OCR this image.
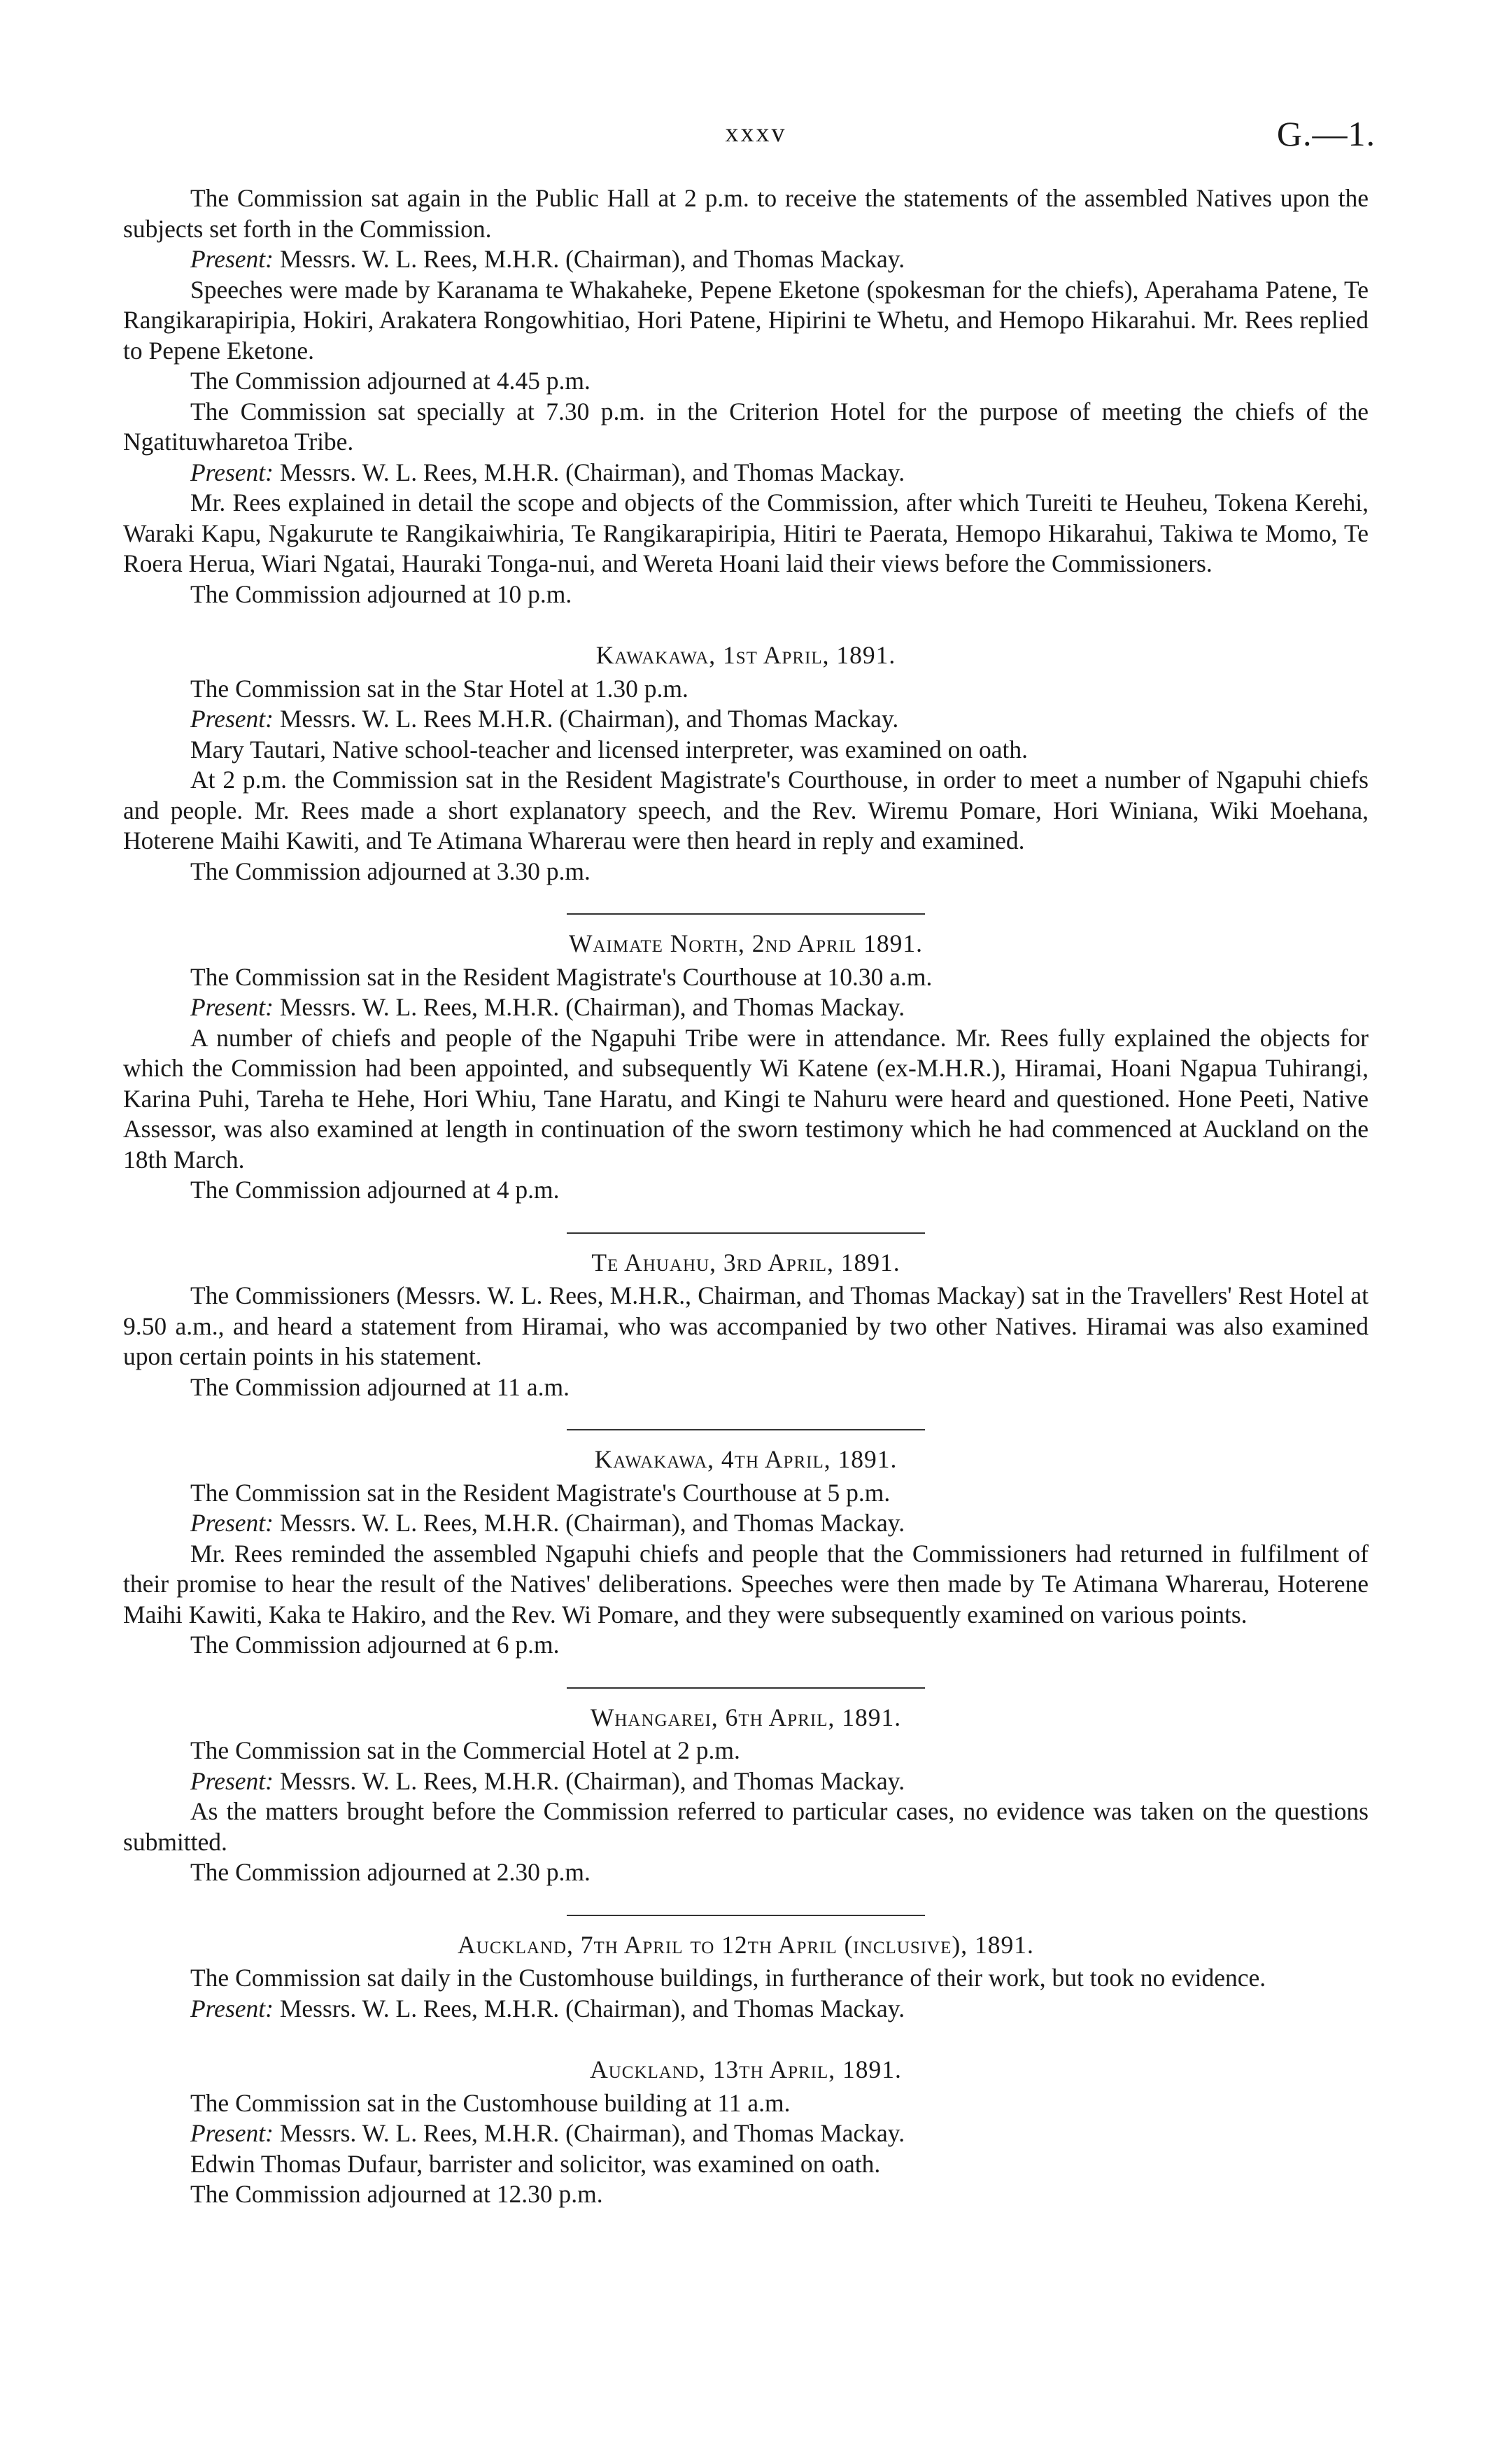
xxxv	G.—1.

The Commission sat again in the Public Hall at 2 p.m. to receive the statements of the assembled Natives upon the subjects set forth in the Commission.

Present: Messrs. W. L. Rees, M.H.R. (Chairman), and Thomas Mackay.

Speeches were made by Karanama te Whakaheke, Pepene Eketone (spokesman for the chiefs), Aperahama Patene, Te Rangikarapiripia, Hokiri, Arakatera Rongowhitiao, Hori Patene, Hipirini te Whetu, and Hemopo Hikarahui. Mr. Rees replied to Pepene Eketone.

The Commission adjourned at 4.45 p.m.

The Commission sat specially at 7.30 p.m. in the Criterion Hotel for the purpose of meeting the chiefs of the Ngatituwharetoa Tribe.

Present: Messrs. W. L. Rees, M.H.R. (Chairman), and Thomas Mackay.

Mr. Rees explained in detail the scope and objects of the Commission, after which Tureiti te Heuheu, Tokena Kerehi, Waraki Kapu, Ngakurute te Rangikaiwhiria, Te Rangikarapiripia, Hitiri te Paerata, Hemopo Hikarahui, Takiwa te Momo, Te Roera Herua, Wiari Ngatai, Hauraki Tonga-nui, and Wereta Hoani laid their views before the Commissioners.

The Commission adjourned at 10 p.m.

Kawakawa, 1st April, 1891.

The Commission sat in the Star Hotel at 1.30 p.m.

Present: Messrs. W. L. Rees M.H.R. (Chairman), and Thomas Mackay.

Mary Tautari, Native school-teacher and licensed interpreter, was examined on oath.

At 2 p.m. the Commission sat in the Resident Magistrate's Courthouse, in order to meet a number of Ngapuhi chiefs and people. Mr. Rees made a short explanatory speech, and the Rev. Wiremu Pomare, Hori Winiana, Wiki Moehana, Hoterene Maihi Kawiti, and Te Atimana Wharerau were then heard in reply and examined.

The Commission adjourned at 3.30 p.m.

Waimate North, 2nd April 1891.

The Commission sat in the Resident Magistrate's Courthouse at 10.30 a.m.

Present: Messrs. W. L. Rees, M.H.R. (Chairman), and Thomas Mackay.

A number of chiefs and people of the Ngapuhi Tribe were in attendance. Mr. Rees fully explained the objects for which the Commission had been appointed, and subsequently Wi Katene (ex-M.H.R.), Hiramai, Hoani Ngapua Tuhirangi, Karina Puhi, Tareha te Hehe, Hori Whiu, Tane Haratu, and Kingi te Nahuru were heard and questioned. Hone Peeti, Native Assessor, was also examined at length in continuation of the sworn testimony which he had commenced at Auckland on the 18th March.

The Commission adjourned at 4 p.m.

Te Ahuahu, 3rd April, 1891.

The Commissioners (Messrs. W. L. Rees, M.H.R., Chairman, and Thomas Mackay) sat in the Travellers' Rest Hotel at 9.50 a.m., and heard a statement from Hiramai, who was accompanied by two other Natives. Hiramai was also examined upon certain points in his statement.

The Commission adjourned at 11 a.m.

Kawakawa, 4th April, 1891.

The Commission sat in the Resident Magistrate's Courthouse at 5 p.m.

Present: Messrs. W. L. Rees, M.H.R. (Chairman), and Thomas Mackay.

Mr. Rees reminded the assembled Ngapuhi chiefs and people that the Commissioners had returned in fulfilment of their promise to hear the result of the Natives' deliberations. Speeches were then made by Te Atimana Wharerau, Hoterene Maihi Kawiti, Kaka te Hakiro, and the Rev. Wi Pomare, and they were subsequently examined on various points.

The Commission adjourned at 6 p.m.

Whangarei, 6th April, 1891.

The Commission sat in the Commercial Hotel at 2 p.m.

Present: Messrs. W. L. Rees, M.H.R. (Chairman), and Thomas Mackay.

As the matters brought before the Commission referred to particular cases, no evidence was taken on the questions submitted.

The Commission adjourned at 2.30 p.m.

Auckland, 7th April to 12th April (inclusive), 1891.

The Commission sat daily in the Customhouse buildings, in furtherance of their work, but took no evidence.

Present: Messrs. W. L. Rees, M.H.R. (Chairman), and Thomas Mackay.

Auckland, 13th April, 1891.

The Commission sat in the Customhouse building at 11 a.m.

Present: Messrs. W. L. Rees, M.H.R. (Chairman), and Thomas Mackay.

Edwin Thomas Dufaur, barrister and solicitor, was examined on oath.

The Commission adjourned at 12.30 p.m.
